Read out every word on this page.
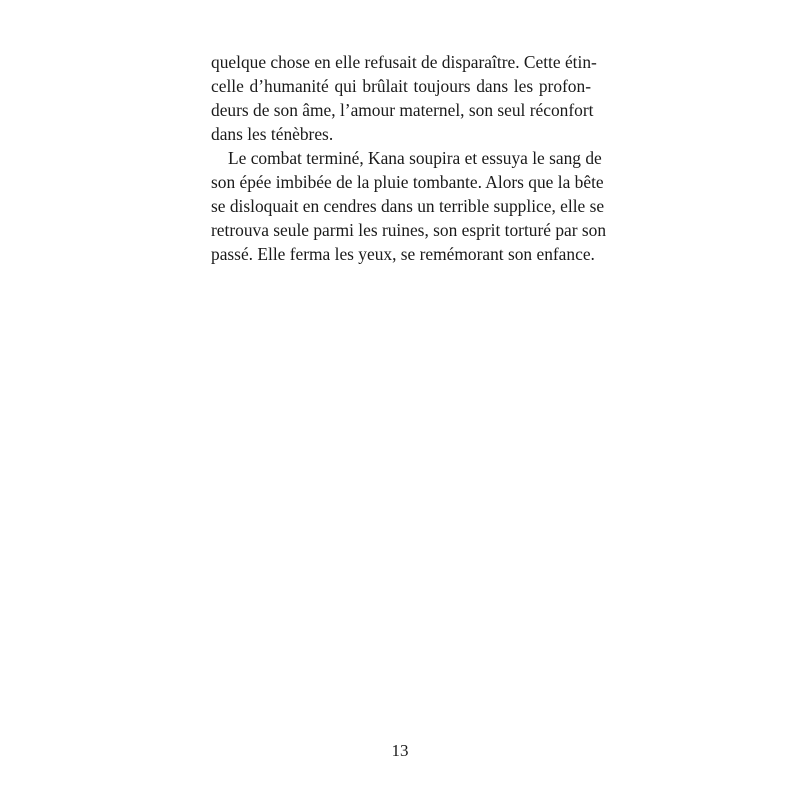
quelque chose en elle refusait de disparaître. Cette étin-
celle d’humanité qui brûlait toujours dans les profon-
deurs de son âme, l’amour maternel, son seul réconfort
dans les ténèbres.
Le combat terminé, Kana soupira et essuya le sang de
son épée imbibée de la pluie tombante. Alors que la bête
se disloquait en cendres dans un terrible supplice, elle se
retrouva seule parmi les ruines, son esprit torturé par son
passé. Elle ferma les yeux, se remémorant son enfance.
13
